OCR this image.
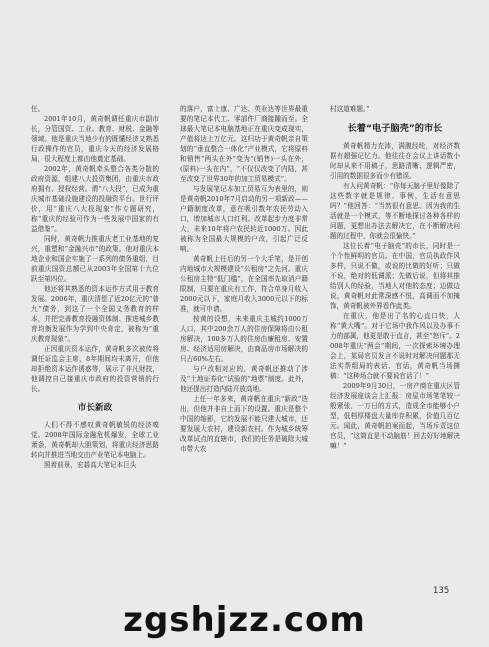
任。

2001年10月，黄奇帆调任重庆市副市长，分管国资、工业、教育、财税、金融等领域。他是重庆当地少有的既懂经济又熟悉行政操作的官员，重庆今天的经济发展格局，很大程度上都由他奠定基础。

2002年，黄奇帆牵头整合各类分散的政府资源，组建八大投资集团，由重庆市政府拥有、授权经营。谓“八大投”，已成为重庆城市基础设施建设的投融资平台。世行评价，用“重庆八大投现象”作专题研究，称“重庆的经验可作为一些发展中国家的有益借鉴”。

同时，黄奇帆力推重庆老工业基地的复兴，重塑和“金融兴市”的政策。他对重庆本地企业和国企实施了一系列的债务重组，目前重庆国资总额已从2003年全国第十九位跃至第四位。

他还将其熟悉的资本运作方式用于教育发展。2006年，重庆清偿了近20亿元的“普九”债务，到这了一个全国义务教育的样本，并把完善教育投融资体制、推进城乡教育均衡发展作为学到中央肯定，被称为“重庆教育现象”。

正因重庆资本运作，黄奇帆多次被传将调任证监会主席，8年期间均未离开，但他却拒绝资本运作诱惑等，展示了非凡财技，他调控自己接重庆市政府的投资营销的行长。

市长新政

人们不得不感叹黄奇帆敏锐的经济嗅觉。2008年国际金融危机爆发，全球工业萧条，黄奇帆却大胆策划，将重庆经济思路转向并推进当地交由产业笔记本电脑上。

照着前景，宏碁高大笔记本巨头

的落户，富士康、广达、英业达等世界最重要的笔记本代工、零部件厂商接踵而至。全球最大笔记本电脑基地正在重庆变成现实，产值将达上万亿元。这归功于黄奇帆亲自策划的“垂直整合一体化”产业模式，它将原料和销售“两头在外”变为“(销售)一头在外，(原料)一头在内”，“不仅仅改变了内陆，甚至改变了世界30年的加工贸易模式”。

与发展笔记本加工贸易互为表里的，则是黄奇帆2010年7月启动的另一项新政——户籍制度改革，意在吸引数年农民劳动入口，增加城市人口红利。改革起步力度非常大，未来10年将户农民转近1000万。因此被称为全国最大规模的户改，引起广泛反响。

黄奇帆上任后的另一个大手笔，是开创内地城市大规模建设“公租房”之先河。重庆公租房主特“低门槛”，在全国率先取消户籍限制，只要在重庆有工作，符合单身月收入2000元以下，家庭月收入3000元以下的标准，就可申请。

按黄的设想，未来重庆主城约1000万人口，其中200余万人的住房保障将由公租房解决，100多万人的住房由廉租房、安置房、经济适用房解决，由商品房市场解决的只占60%左右。

与户改相对应的，黄奇帆还推动了涉及“土地证券化”试验的“地票”制度。此外，他还提出打造内陆开放高地。

上任一年多来，黄奇帆在重庆“新政”迭出，但他并非自上而下的设置。重庆是整个中国的缩影，它的发展不能只建大城市，还要发展大农村，建设新农村。作为城乡统筹改革试点的直辖市，我们的任务是破除大城市带大农

村这道难题。”

长着“电子脑壳”的市长

黄奇帆精力充沛，满腹经纶，对经济数据有超强记忆力。他往往在会议上讲话数小时却从来不用稿子，思路清晰、逻辑严密，引用的数据很多而少有错误。

有人问黄奇帆：“你每天脑子里好像除了这些数字就是规律、事例，生活有意思吗？”他回答：“当然很有意思。因为我的生活就是一个模式，等不断地探讨各种各样的问题，更想出办法去解决它，在不断解决问题的过程中，你就会很愉快。”

这位长着“电子脑壳”的市长，同时是一个个性鲜明的官员。在中国，官员执政作风多样，只说不做，或说的比做的好听；只做不说，绝对的低调派；先做后说，但将其推给别人的经验，当地人对他的态度；边做边说，黄奇帆对此常深感不悦，高调而不加掩饰，黄奇帆被外界看作此类。

在重庆，他是出了名的心直口快，人称“黄大嘴”。对于它场中我作风以及办事不力的部属，他更是敢于直言，甚至“怒斥”。2008年重庆“两会”期间，一次探索环境办理会上，某局官员发言不说时对解决问题那无法实帮组局的表话、官话，黄奇帆当场撕稿：“这种场合就不要说官话了！”

2009年9月30日，一房产商在重庆区管经济发展座谈会上汇报：房屋市场笔笔较一般紧张，一万日的方式，造成全市能够小户型，低档厚楼盘大量库存积累，价值几百亿元。闻此，黄奇帆拍案而起，当场斥责这位官员，“这简直是不动脑筋！回去好好地解决嘛！”

135
zgshjzz.com
